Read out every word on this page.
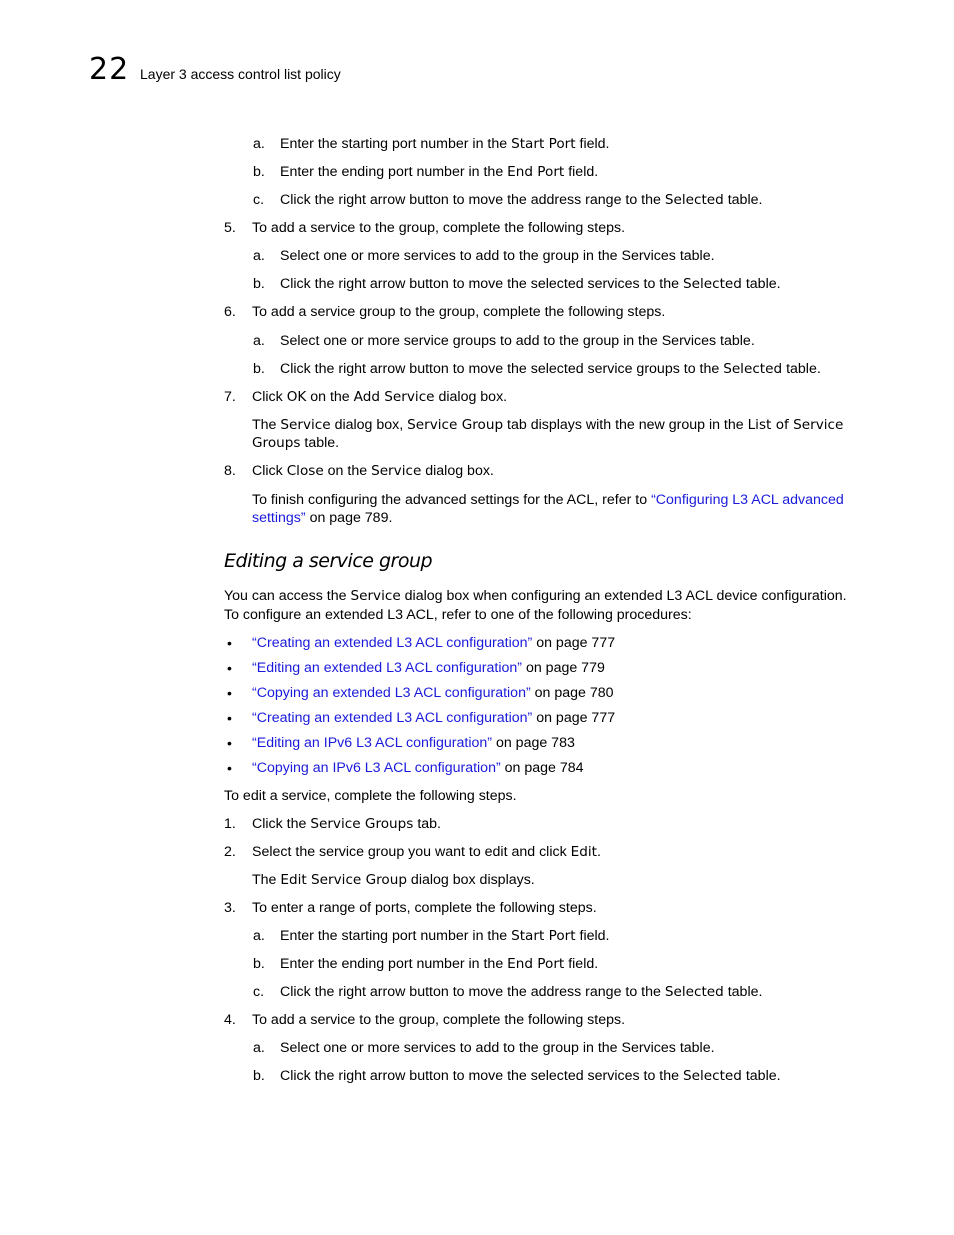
22 Layer 3 access control list policy
a. Enter the starting port number in the Start Port field.
b. Enter the ending port number in the End Port field.
c. Click the right arrow button to move the address range to the Selected table.
5. To add a service to the group, complete the following steps.
a. Select one or more services to add to the group in the Services table.
b. Click the right arrow button to move the selected services to the Selected table.
6. To add a service group to the group, complete the following steps.
a. Select one or more service groups to add to the group in the Services table.
b. Click the right arrow button to move the selected service groups to the Selected table.
7. Click OK on the Add Service dialog box.
The Service dialog box, Service Group tab displays with the new group in the List of Service
Groups table.
8. Click Close on the Service dialog box.
To finish configuring the advanced settings for the ACL, refer to “Configuring L3 ACL advanced
settings” on page 789.
Editing a service group
You can access the Service dialog box when configuring an extended L3 ACL device configuration.
To configure an extended L3 ACL, refer to one of the following procedures:
• “Creating an extended L3 ACL configuration” on page 777
• “Editing an extended L3 ACL configuration” on page 779
• “Copying an extended L3 ACL configuration” on page 780
• “Creating an extended L3 ACL configuration” on page 777
• “Editing an IPv6 L3 ACL configuration” on page 783
• “Copying an IPv6 L3 ACL configuration” on page 784
To edit a service, complete the following steps.
1. Click the Service Groups tab.
2. Select the service group you want to edit and click Edit.
The Edit Service Group dialog box displays.
3. To enter a range of ports, complete the following steps.
a. Enter the starting port number in the Start Port field.
b. Enter the ending port number in the End Port field.
c. Click the right arrow button to move the address range to the Selected table.
4. To add a service to the group, complete the following steps.
a. Select one or more services to add to the group in the Services table.
b. Click the right arrow button to move the selected services to the Selected table.
